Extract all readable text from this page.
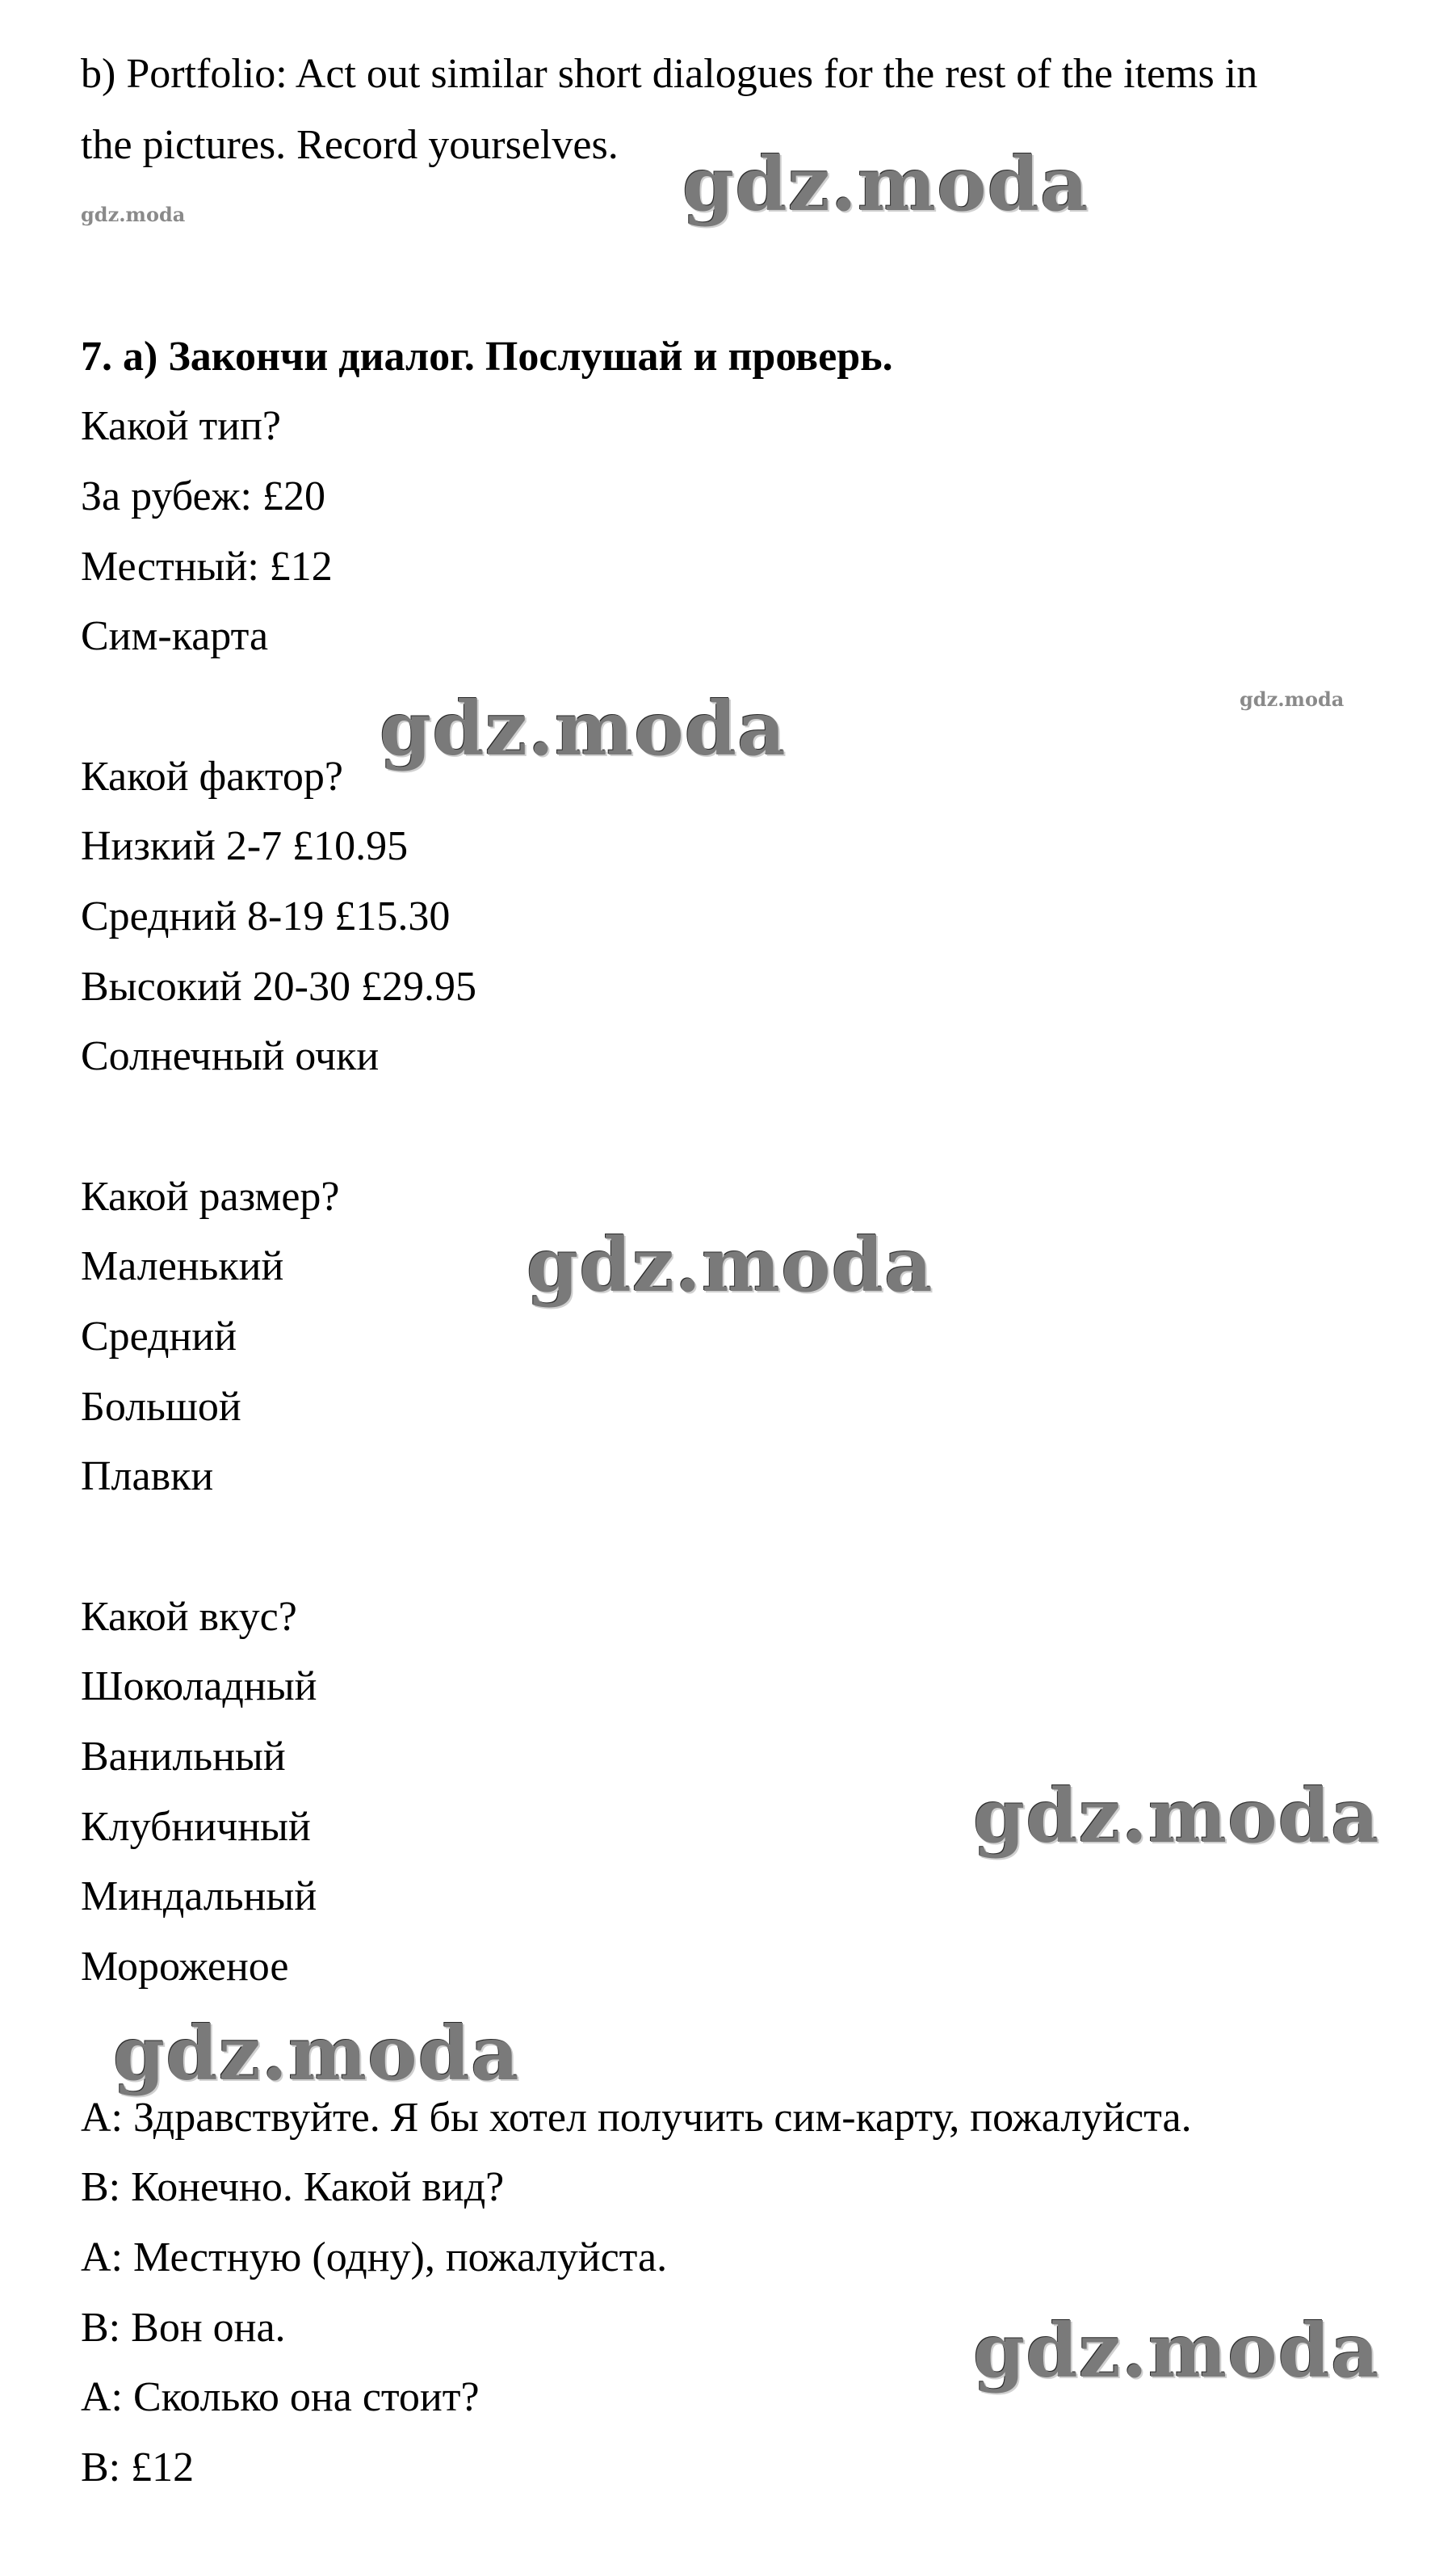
b) Portfolio: Act out similar short dialogues for the rest of the items in
the pictures. Record yourselves.
7. a) Закончи диалог. Послушай и проверь.
Какой тип?
За рубеж: £20
Местный: £12
Сим-карта
Какой фактор?
Низкий 2-7 £10.95
Средний 8-19 £15.30
Высокий 20-30 £29.95
Солнечный очки
Какой размер?
Маленький
Средний
Большой
Плавки
Какой вкус?
Шоколадный
Ванильный
Клубничный
Миндальный
Мороженое
A: Здравствуйте. Я бы хотел получить сим-карту, пожалуйста.
B: Конечно. Какой вид?
A: Местную (одну), пожалуйста.
B: Вон она.
A: Сколько она стоит?
B: £12
gdz.moda	gdz.moda
gdz.moda	gdz.moda
gdz.moda
gdz.moda
gdz.moda
gdz.moda
